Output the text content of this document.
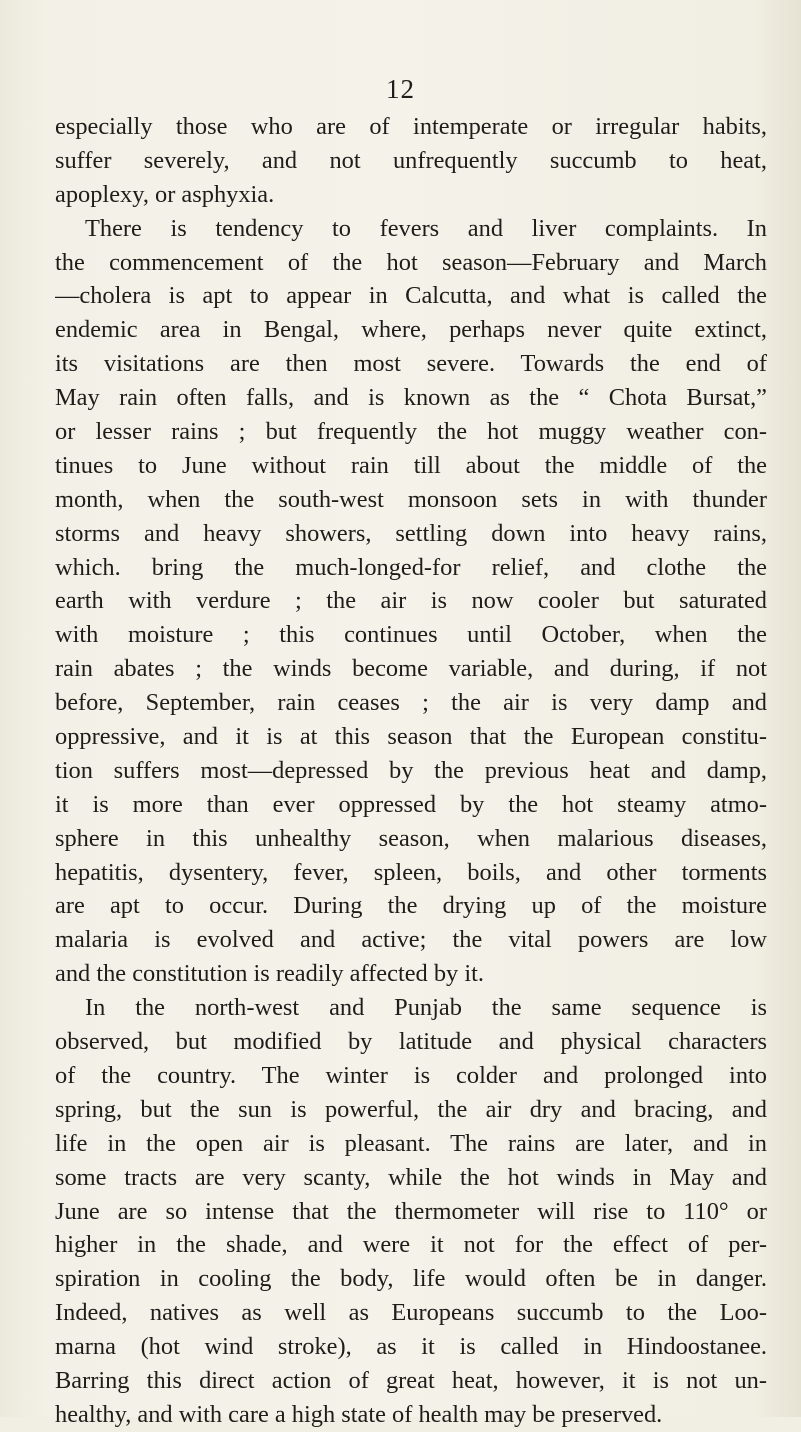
12
especially those who are of intemperate or irregular habits,
suffer severely, and not unfrequently succumb to heat,
apoplexy, or asphyxia.
There is tendency to fevers and liver complaints. In
the commencement of the hot season—February and March
—cholera is apt to appear in Calcutta, and what is called the
endemic area in Bengal, where, perhaps never quite extinct,
its visitations are then most severe. Towards the end of
May rain often falls, and is known as the “ Chota Bursat,”
or lesser rains ; but frequently the hot muggy weather con-
tinues to June without rain till about the middle of the
month, when the south-west monsoon sets in with thunder
storms and heavy showers, settling down into heavy rains,
which. bring the much-longed-for relief, and clothe the
earth with verdure ; the air is now cooler but saturated
with moisture ; this continues until October, when the
rain abates ; the winds become variable, and during, if not
before, September, rain ceases ; the air is very damp and
oppressive, and it is at this season that the European constitu-
tion suffers most—depressed by the previous heat and damp,
it is more than ever oppressed by the hot steamy atmo-
sphere in this unhealthy season, when malarious diseases,
hepatitis, dysentery, fever, spleen, boils, and other torments
are apt to occur. During the drying up of the moisture
malaria is evolved and active; the vital powers are low
and the constitution is readily affected by it.
In the north-west and Punjab the same sequence is
observed, but modified by latitude and physical characters
of the country. The winter is colder and prolonged into
spring, but the sun is powerful, the air dry and bracing, and
life in the open air is pleasant. The rains are later, and in
some tracts are very scanty, while the hot winds in May and
June are so intense that the thermometer will rise to 110° or
higher in the shade, and were it not for the effect of per-
spiration in cooling the body, life would often be in danger.
Indeed, natives as well as Europeans succumb to the Loo-
marna (hot wind stroke), as it is called in Hindoostanee.
Barring this direct action of great heat, however, it is not un-
healthy, and with care a high state of health may be preserved.
